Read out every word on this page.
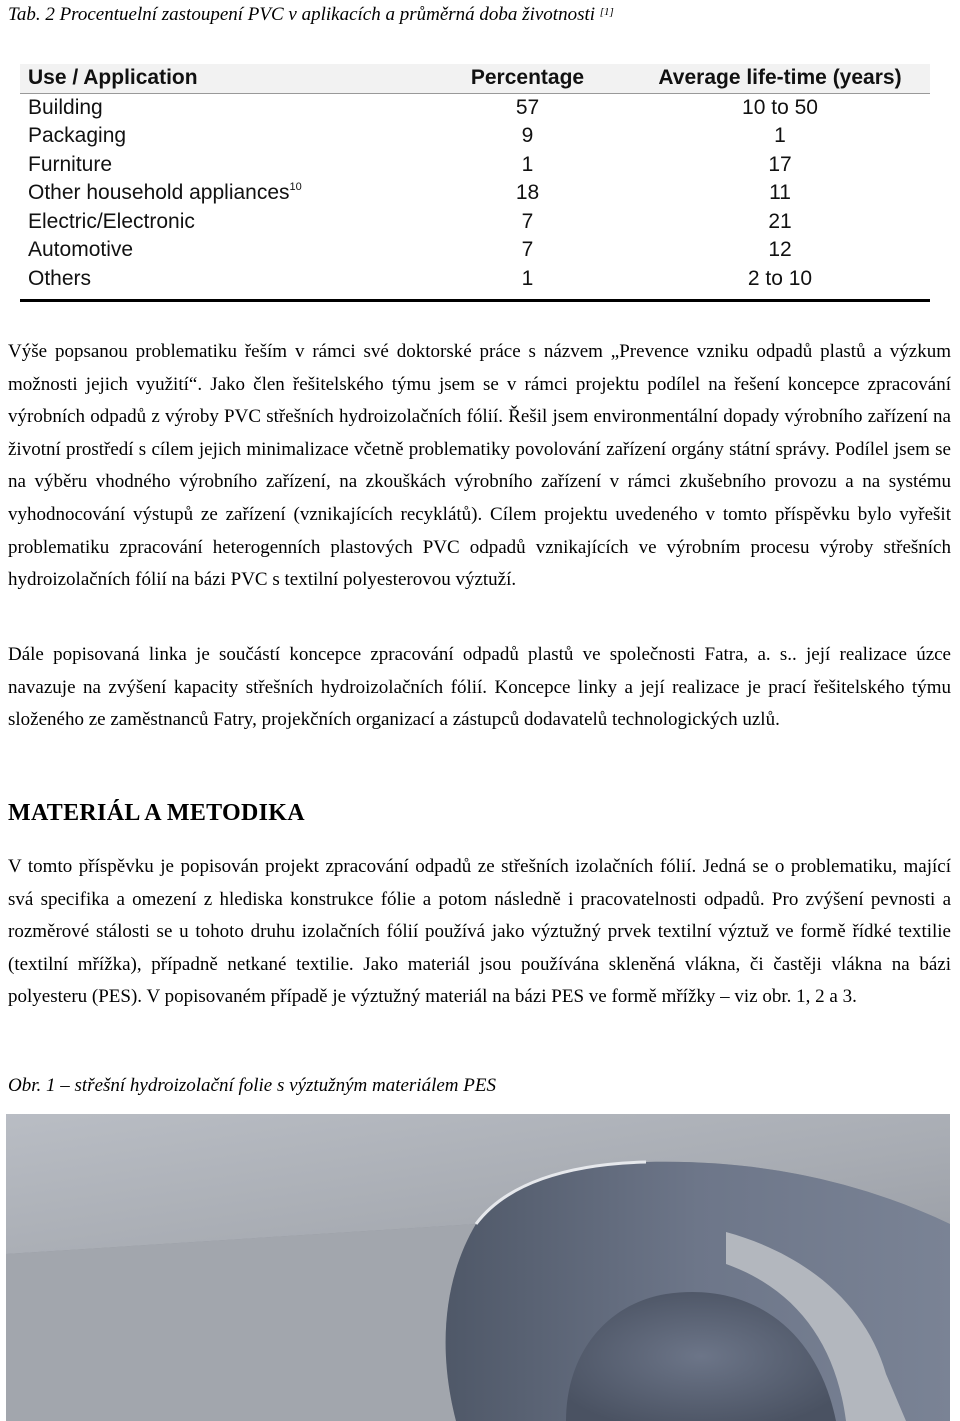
Tab. 2 Procentuelní zastoupení PVC v aplikacích a průměrná doba životnosti [1]
Use / Application	Percentage	Average life-time (years)
Building	57	10 to 50
Packaging	9	1
Furniture	1	17
Other household appliances$^{10}$	18	11
Electric/Electronic	7	21
Automotive	7	12
Others	1	2 to 10

Výše popsanou problematiku řeším v rámci své doktorské práce s názvem „Prevence vzniku odpadů plastů a výzkum možnosti jejich využití“. Jako člen řešitelského týmu jsem se v rámci projektu podílel na řešení koncepce zpracování výrobních odpadů z výroby PVC střešních hydroizolačních fólií. Řešil jsem environmentální dopady výrobního zařízení na životní prostředí s cílem jejich minimalizace včetně problematiky povolování zařízení orgány státní správy. Podílel jsem se na výběru vhodného výrobního zařízení, na zkouškách výrobního zařízení v rámci zkušebního provozu a na systému vyhodnocování výstupů ze zařízení (vznikajících recyklátů). Cílem projektu uvedeného v tomto příspěvku bylo vyřešit problematiku zpracování heterogenních plastových PVC odpadů vznikajících ve výrobním procesu výroby střešních hydroizolačních fólií na bázi PVC s textilní polyesterovou výztuží.

Dále popisovaná linka je součástí koncepce zpracování odpadů plastů ve společnosti Fatra, a. s.. její realizace úzce navazuje na zvýšení kapacity střešních hydroizolačních fólií. Koncepce linky a její realizace je prací řešitelského týmu složeného ze zaměstnanců Fatry, projekčních organizací a zástupců dodavatelů technologických uzlů.

MATERIÁL A METODIKA

V tomto příspěvku je popisován projekt zpracování odpadů ze střešních izolačních fólií. Jedná se o problematiku, mající svá specifika a omezení z hlediska konstrukce fólie a potom následně i pracovatelnosti odpadů. Pro zvýšení pevnosti a rozměrové stálosti se u tohoto druhu izolačních fólií používá jako výztužný prvek textilní výztuž ve formě řídké textilie (textilní mřížka), případně netkané textilie. Jako materiál jsou používána skleněná vlákna, či častěji vlákna na bázi polyesteru (PES). V popisovaném případě je výztužný materiál na bázi PES ve formě mřížky – viz obr. 1, 2 a 3.

Obr. 1 – střešní hydroizolační folie s výztužným materiálem PES
